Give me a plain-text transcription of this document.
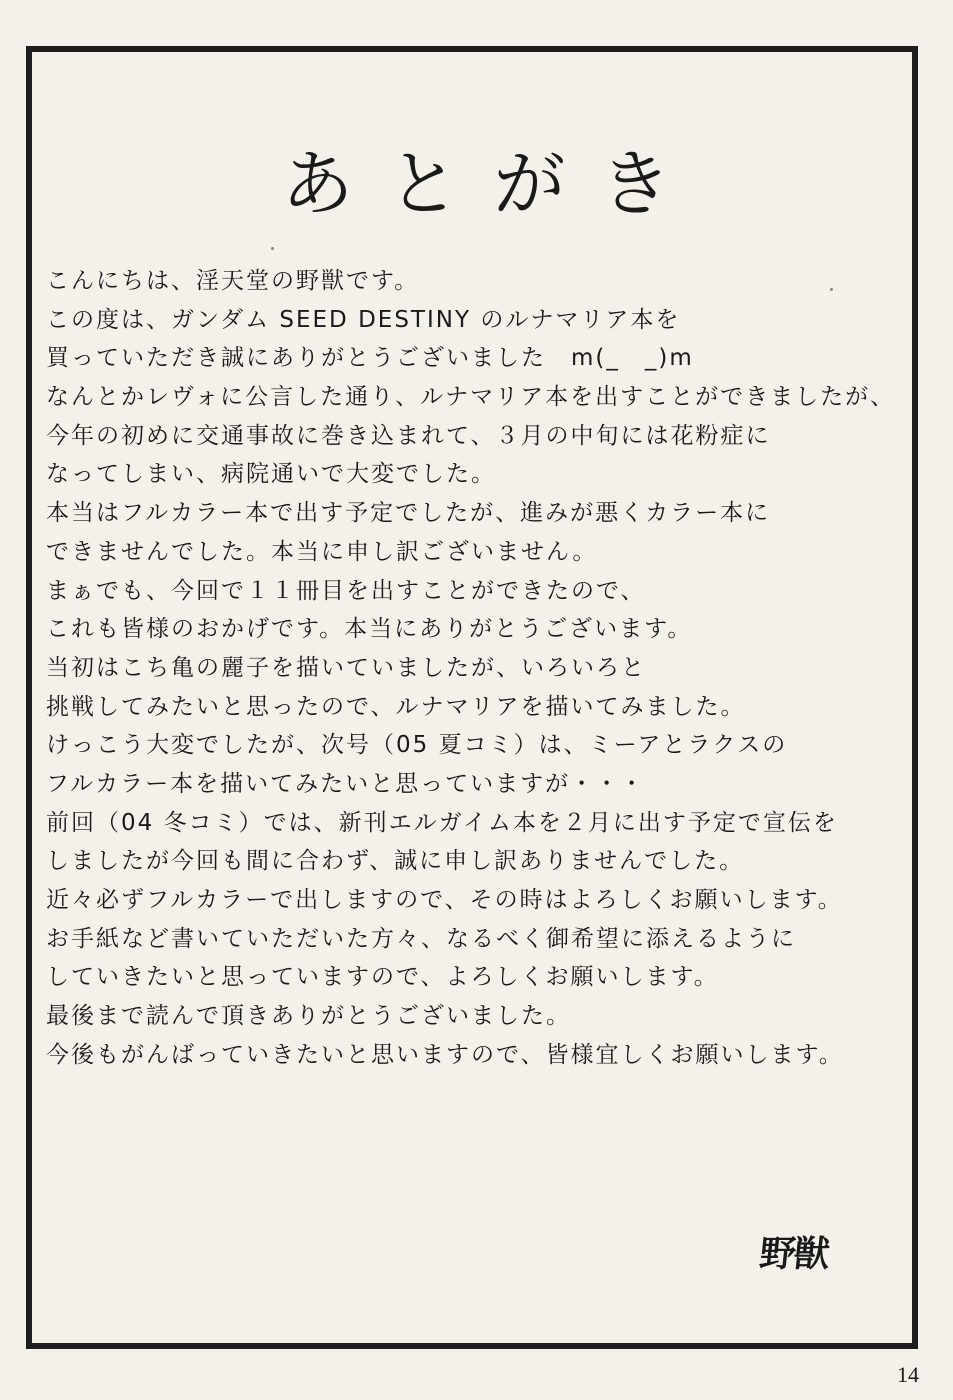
あとがき
こんにちは、淫天堂の野獣です。
この度は、ガンダム SEED DESTINY のルナマリア本を
買っていただき誠にありがとうございました　m(_　_)m
なんとかレヴォに公言した通り、ルナマリア本を出すことができましたが、
今年の初めに交通事故に巻き込まれて、３月の中旬には花粉症に
なってしまい、病院通いで大変でした。
本当はフルカラー本で出す予定でしたが、進みが悪くカラー本に
できませんでした。本当に申し訳ございません。
まぁでも、今回で１１冊目を出すことができたので、
これも皆様のおかげです。本当にありがとうございます。
当初はこち亀の麗子を描いていましたが、いろいろと
挑戦してみたいと思ったので、ルナマリアを描いてみました。
けっこう大変でしたが、次号（05 夏コミ）は、ミーアとラクスの
フルカラー本を描いてみたいと思っていますが・・・
前回（04 冬コミ）では、新刊エルガイム本を２月に出す予定で宣伝を
しましたが今回も間に合わず、誠に申し訳ありませんでした。
近々必ずフルカラーで出しますので、その時はよろしくお願いします。
お手紙など書いていただいた方々、なるべく御希望に添えるように
していきたいと思っていますので、よろしくお願いします。
最後まで読んで頂きありがとうございました。
今後もがんばっていきたいと思いますので、皆様宜しくお願いします。
野獣
14
